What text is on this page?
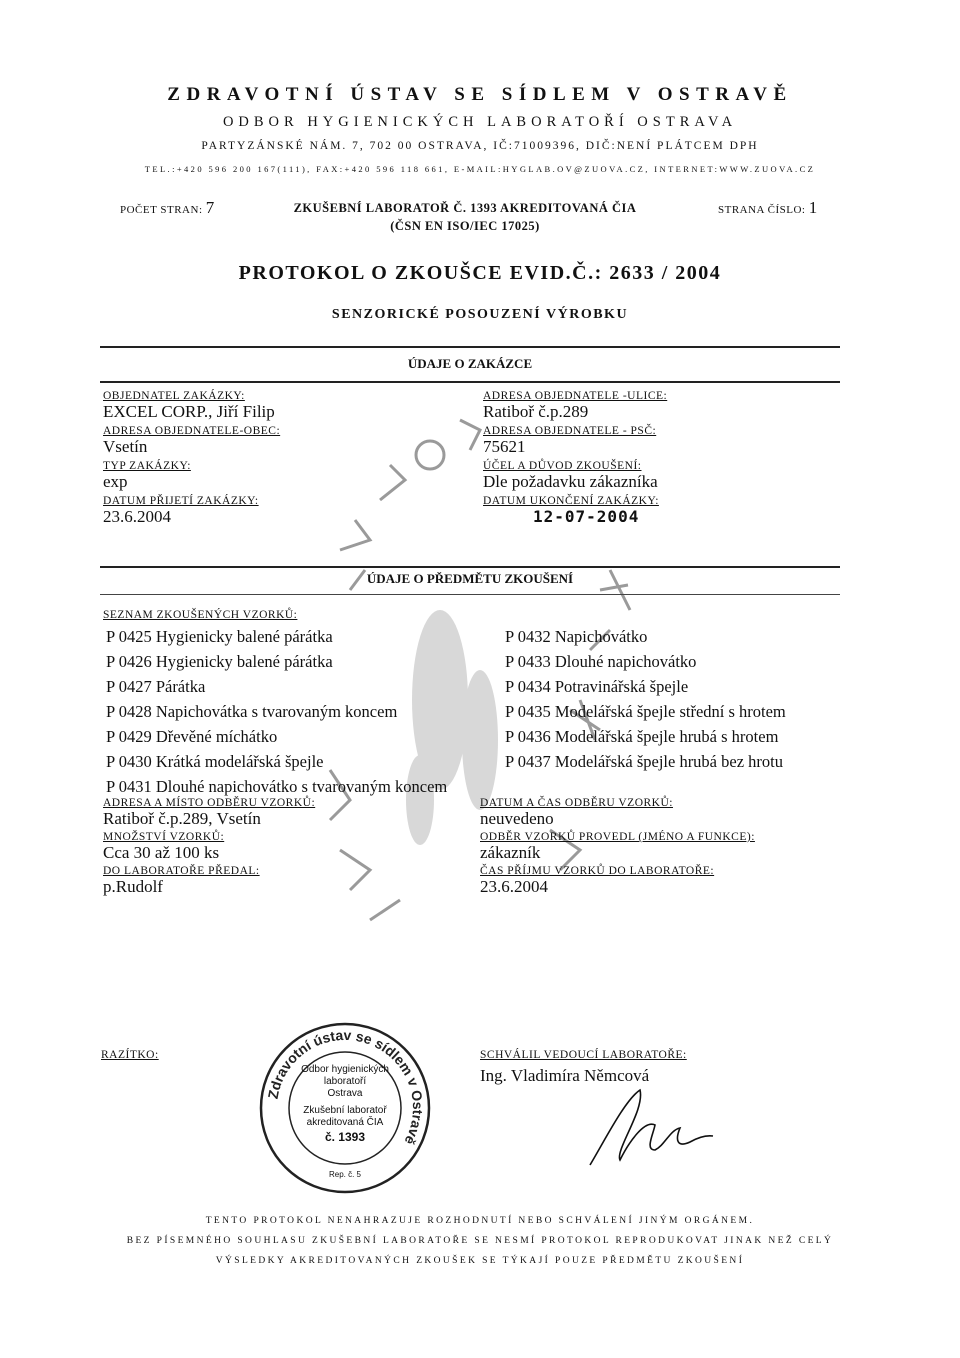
ZDRAVOTNÍ ÚSTAV SE SÍDLEM V OSTRAVĚ
ODBOR HYGIENICKÝCH LABORATOŘÍ OSTRAVA
PARTYZÁNSKÉ NÁM. 7, 702 00 OSTRAVA, IČ:71009396, DIČ:NENÍ PLÁTCEM DPH
TEL.:+420 596 200 167(111), FAX:+420 596 118 661, E-MAIL:HYGLAB.OV@ZUOVA.CZ, INTERNET:WWW.ZUOVA.CZ
POČET STRAN: 7	ZKUŠEBNÍ LABORATOŘ Č. 1393 AKREDITOVANÁ ČIA
(ČSN EN ISO/IEC 17025)
STRANA ČÍSLO: 1
PROTOKOL O ZKOUŠCE EVID.Č.: 2633 / 2004
SENZORICKÉ POSOUZENÍ VÝROBKU
ÚDAJE O ZAKÁZCE
OBJEDNATEL ZAKÁZKY:
EXCEL CORP., Jiří Filip
ADRESA OBJEDNATELE-OBEC:
Vsetín
TYP ZAKÁZKY:
exp
DATUM PŘIJETÍ ZAKÁZKY:
23.6.2004
ADRESA OBJEDNATELE -ULICE:
Ratiboř č.p.289
ADRESA OBJEDNATELE - PSČ:
75621
ÚČEL A DŮVOD ZKOUŠENÍ:
Dle požadavku zákazníka
DATUM UKONČENÍ ZAKÁZKY:
12-07-2004
ÚDAJE O PŘEDMĚTU ZKOUŠENÍ
SEZNAM ZKOUŠENÝCH VZORKŮ:
P 0425 Hygienicky balené párátka
P 0426 Hygienicky balené párátka
P 0427 Párátka
P 0428 Napichovátka s tvarovaným koncem
P 0429 Dřevěné míchátko
P 0430 Krátká modelářská špejle
P 0431 Dlouhé napichovátko s tvarovaným koncem
P 0432 Napichovátko
P 0433 Dlouhé napichovátko
P 0434 Potravinářská špejle
P 0435 Modelářská špejle střední s hrotem
P 0436 Modelářská špejle hrubá s hrotem
P 0437 Modelářská špejle hrubá bez hrotu
ADRESA A MÍSTO ODBĚRU VZORKŮ:
Ratiboř č.p.289, Vsetín
MNOŽSTVÍ VZORKŮ:
Cca 30 až 100 ks
DO LABORATOŘE PŘEDAL:
p.Rudolf
DATUM A ČAS ODBĚRU VZORKŮ:
neuvedeno
ODBĚR VZORKŮ PROVEDL (JMÉNO A FUNKCE):
zákazník
ČAS PŘÍJMU VZORKŮ DO LABORATOŘE:
23.6.2004
RAZÍTKO:	SCHVÁLIL VEDOUCÍ LABORATOŘE:
Ing. Vladimíra Němcová
Zdravotní ústav se sídlem v Ostravě
Odbor hygienických
laboratoří
Ostrava
Zkušební laboratoř
akreditovaná ČIA
č. 1393
Rep. č. 5
TENTO PROTOKOL NENAHRAZUJE ROZHODNUTÍ NEBO SCHVÁLENÍ JINÝM ORGÁNEM.
BEZ PÍSEMNÉHO SOUHLASU ZKUŠEBNÍ LABORATOŘE SE NESMÍ PROTOKOL REPRODUKOVAT JINAK NEŽ CELÝ
VÝSLEDKY AKREDITOVANÝCH ZKOUŠEK SE TÝKAJÍ POUZE PŘEDMĚTU ZKOUŠENÍ
